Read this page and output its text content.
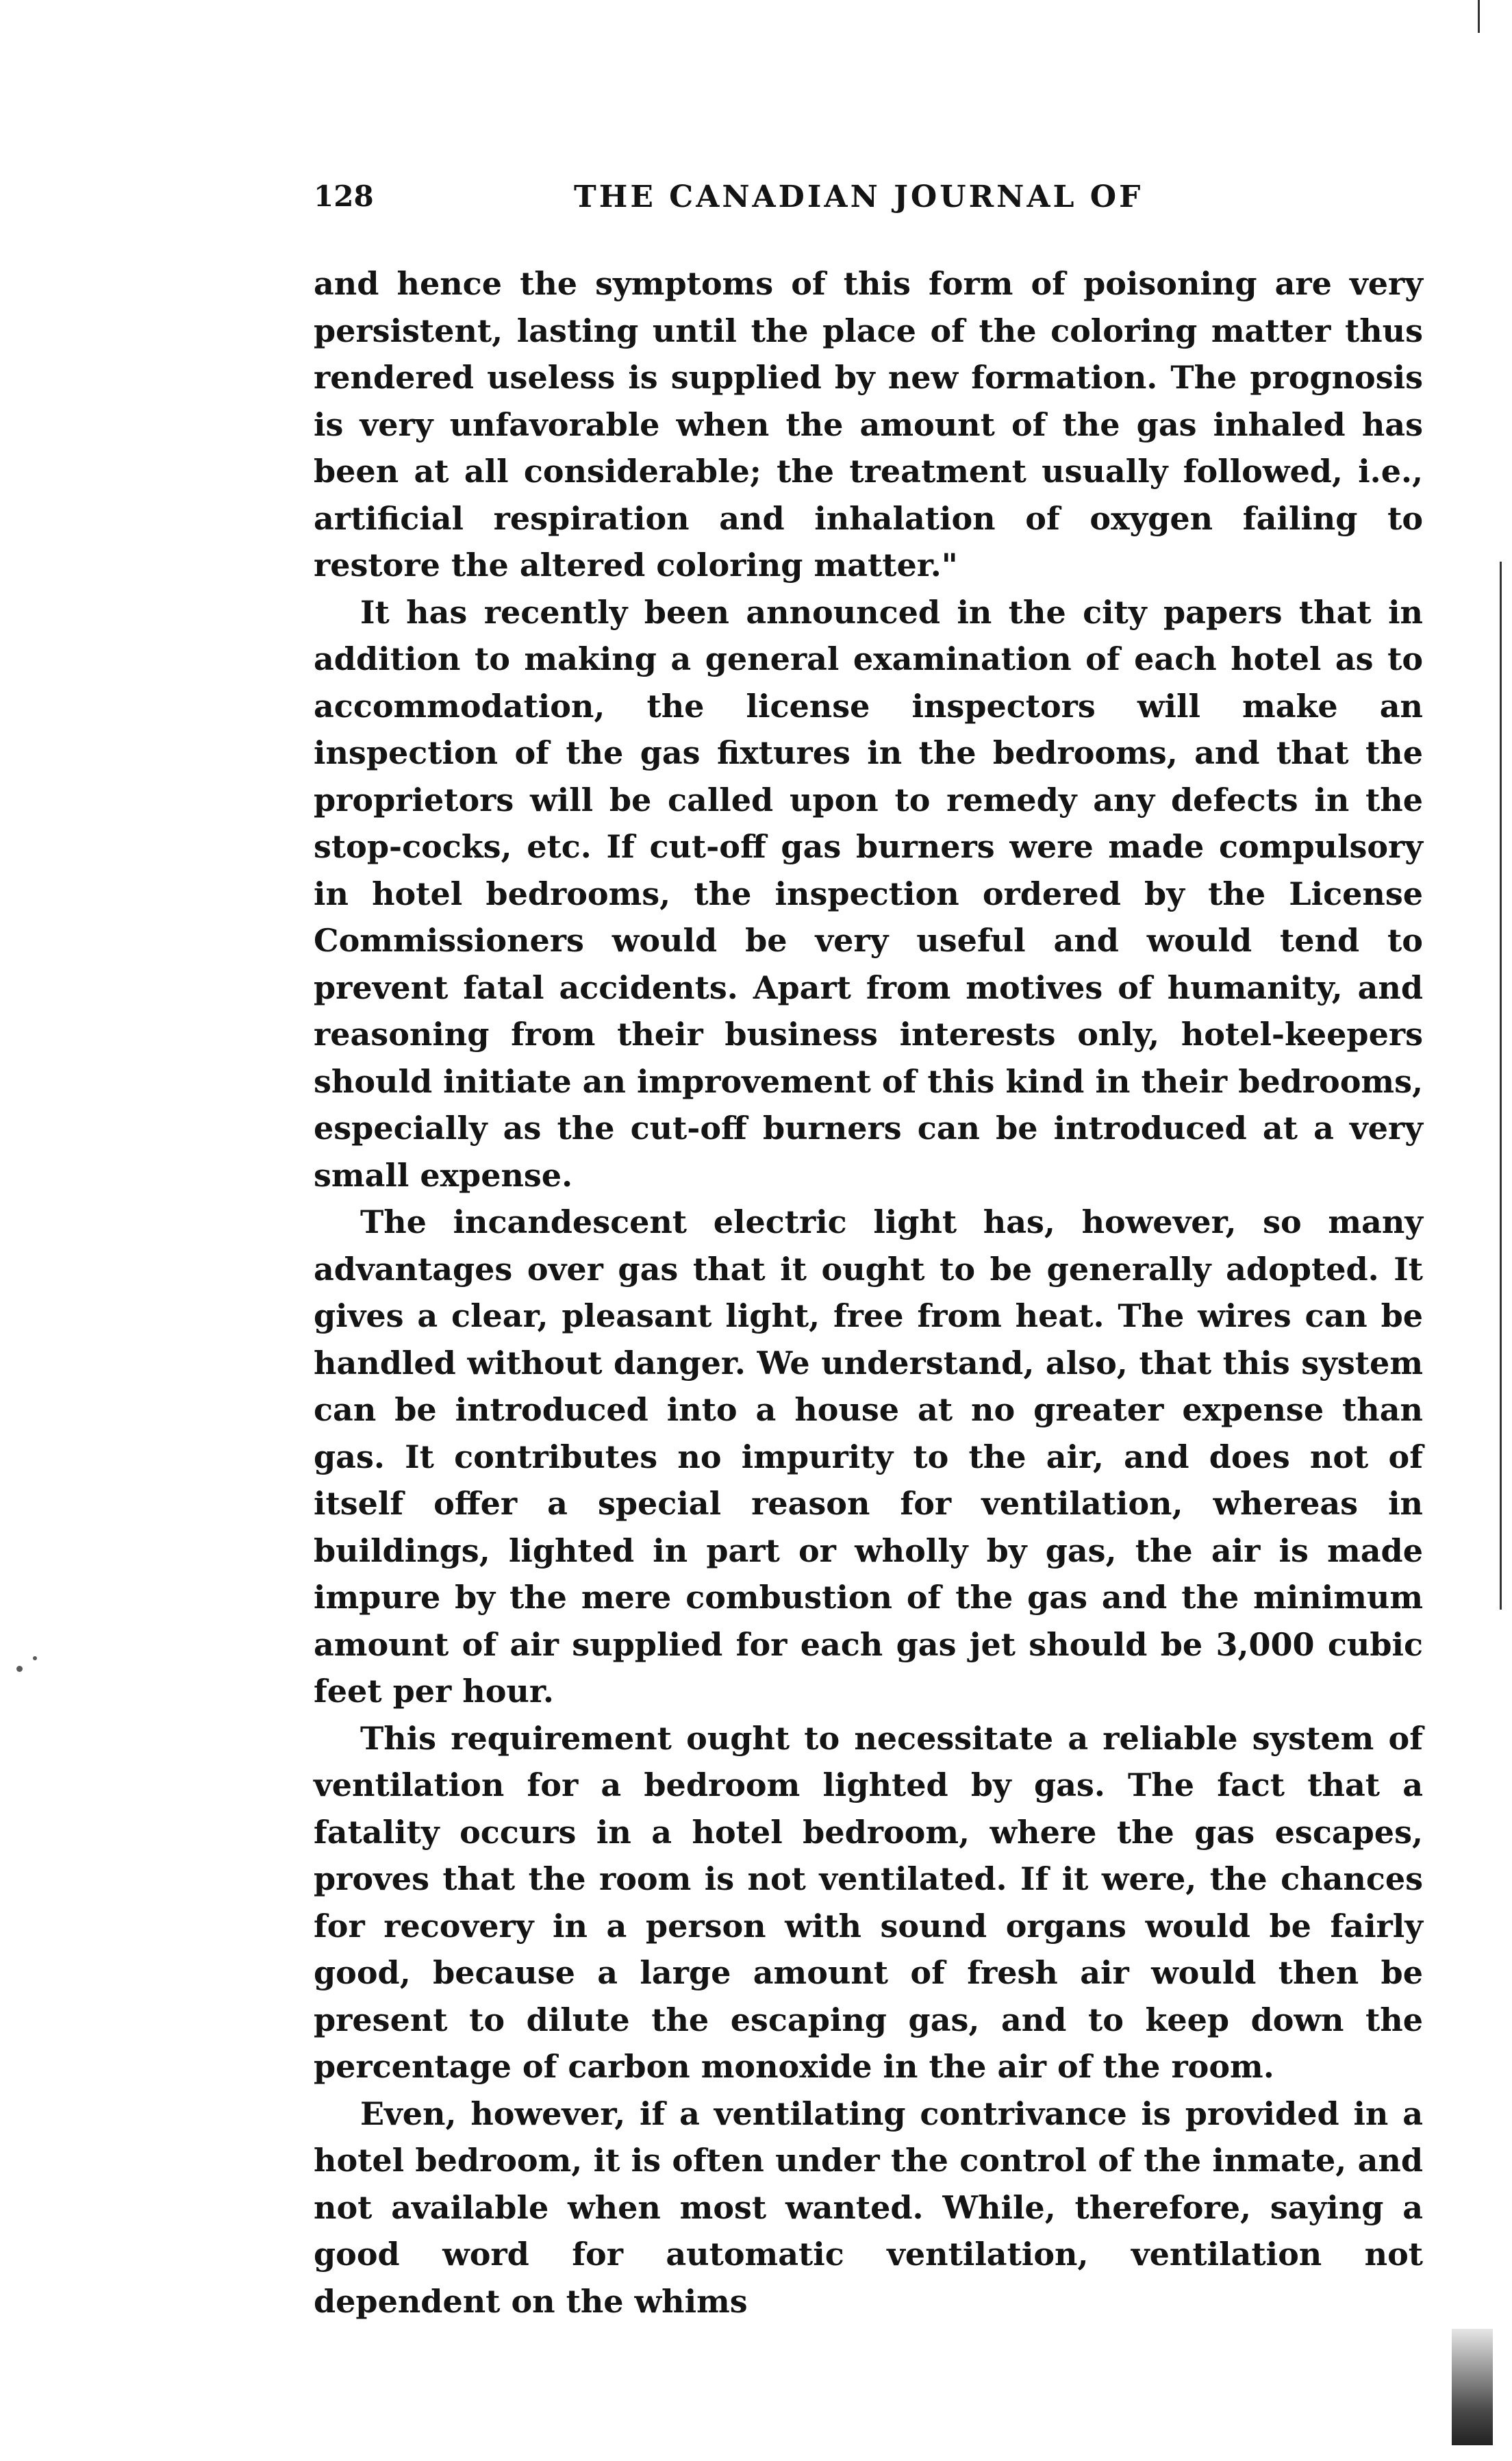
128	THE CANADIAN JOURNAL OF

and hence the symptoms of this form of poisoning are very persistent, lasting until the place of the coloring matter thus rendered useless is supplied by new formation. The prognosis is very unfavorable when the amount of the gas inhaled has been at all considerable; the treatment usually followed, i.e., artificial respiration and inhalation of oxygen failing to restore the altered coloring matter."

It has recently been announced in the city papers that in addition to making a general examination of each hotel as to accommodation, the license inspectors will make an inspection of the gas fixtures in the bedrooms, and that the proprietors will be called upon to remedy any defects in the stop-cocks, etc. If cut-off gas burners were made compulsory in hotel bedrooms, the inspection ordered by the License Commissioners would be very useful and would tend to prevent fatal accidents. Apart from motives of humanity, and reasoning from their business interests only, hotel-keepers should initiate an improvement of this kind in their bedrooms, especially as the cut-off burners can be introduced at a very small expense.

The incandescent electric light has, however, so many advantages over gas that it ought to be generally adopted. It gives a clear, pleasant light, free from heat. The wires can be handled without danger. We understand, also, that this system can be introduced into a house at no greater expense than gas. It contributes no impurity to the air, and does not of itself offer a special reason for ventilation, whereas in buildings, lighted in part or wholly by gas, the air is made impure by the mere combustion of the gas and the minimum amount of air supplied for each gas jet should be 3,000 cubic feet per hour.

This requirement ought to necessitate a reliable system of ventilation for a bedroom lighted by gas. The fact that a fatality occurs in a hotel bedroom, where the gas escapes, proves that the room is not ventilated. If it were, the chances for recovery in a person with sound organs would be fairly good, because a large amount of fresh air would then be present to dilute the escaping gas, and to keep down the percentage of carbon monoxide in the air of the room.

Even, however, if a ventilating contrivance is provided in a hotel bedroom, it is often under the control of the inmate, and not available when most wanted. While, therefore, saying a good word for automatic ventilation, ventilation not dependent on the whims
